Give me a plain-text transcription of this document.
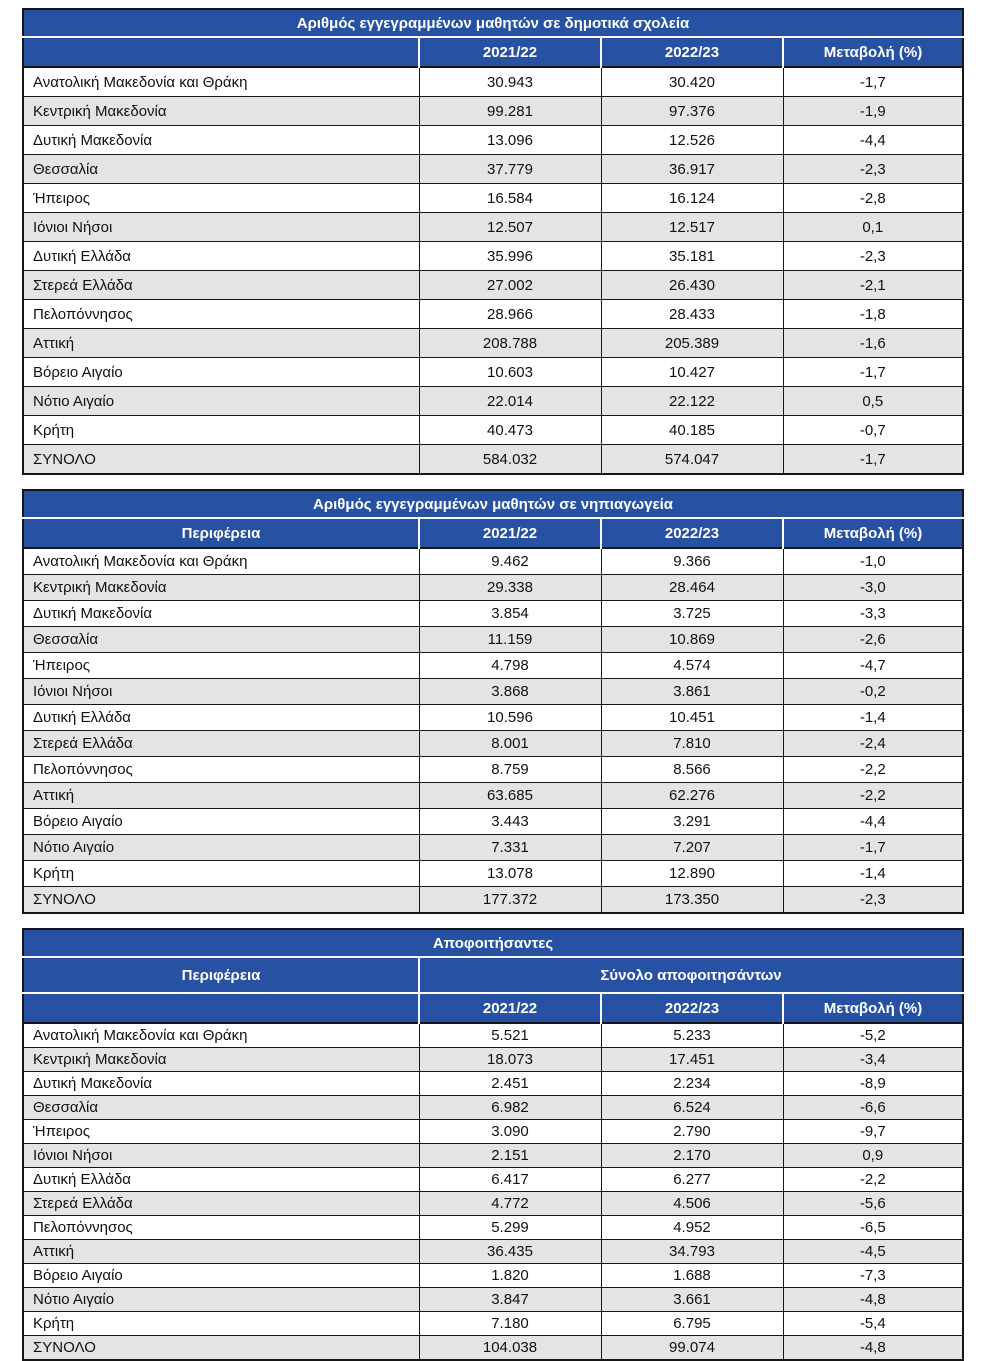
Αριθμός εγγεγραμμένων μαθητών σε δημοτικά σχολεία			
	2021/22	2022/23	Μεταβολή (%)
Ανατολική Μακεδονία και Θράκη	30.943	30.420	-1,7
Κεντρική Μακεδονία	99.281	97.376	-1,9
Δυτική Μακεδονία	13.096	12.526	-4,4
Θεσσαλία	37.779	36.917	-2,3
Ήπειρος	16.584	16.124	-2,8
Ιόνιοι Νήσοι	12.507	12.517	0,1
Δυτική Ελλάδα	35.996	35.181	-2,3
Στερεά Ελλάδα	27.002	26.430	-2,1
Πελοπόννησος	28.966	28.433	-1,8
Αττική	208.788	205.389	-1,6
Βόρειο Αιγαίο	10.603	10.427	-1,7
Νότιο Αιγαίο	22.014	22.122	0,5
Κρήτη	40.473	40.185	-0,7
ΣΥΝΟΛΟ	584.032	574.047	-1,7
Αριθμός εγγεγραμμένων μαθητών σε νηπιαγωγεία			
Περιφέρεια	2021/22	2022/23	Μεταβολή (%)
Ανατολική Μακεδονία και Θράκη	9.462	9.366	-1,0
Κεντρική Μακεδονία	29.338	28.464	-3,0
Δυτική Μακεδονία	3.854	3.725	-3,3
Θεσσαλία	11.159	10.869	-2,6
Ήπειρος	4.798	4.574	-4,7
Ιόνιοι Νήσοι	3.868	3.861	-0,2
Δυτική Ελλάδα	10.596	10.451	-1,4
Στερεά Ελλάδα	8.001	7.810	-2,4
Πελοπόννησος	8.759	8.566	-2,2
Αττική	63.685	62.276	-2,2
Βόρειο Αιγαίο	3.443	3.291	-4,4
Νότιο Αιγαίο	7.331	7.207	-1,7
Κρήτη	13.078	12.890	-1,4
ΣΥΝΟΛΟ	177.372	173.350	-2,3
Αποφοιτήσαντες			
Περιφέρεια	Σύνολο αποφοιτησάντων		
	2021/22	2022/23	Μεταβολή (%)
Ανατολική Μακεδονία και Θράκη	5.521	5.233	-5,2
Κεντρική Μακεδονία	18.073	17.451	-3,4
Δυτική Μακεδονία	2.451	2.234	-8,9
Θεσσαλία	6.982	6.524	-6,6
Ήπειρος	3.090	2.790	-9,7
Ιόνιοι Νήσοι	2.151	2.170	0,9
Δυτική Ελλάδα	6.417	6.277	-2,2
Στερεά Ελλάδα	4.772	4.506	-5,6
Πελοπόννησος	5.299	4.952	-6,5
Αττική	36.435	34.793	-4,5
Βόρειο Αιγαίο	1.820	1.688	-7,3
Νότιο Αιγαίο	3.847	3.661	-4,8
Κρήτη	7.180	6.795	-5,4
ΣΥΝΟΛΟ	104.038	99.074	-4,8
